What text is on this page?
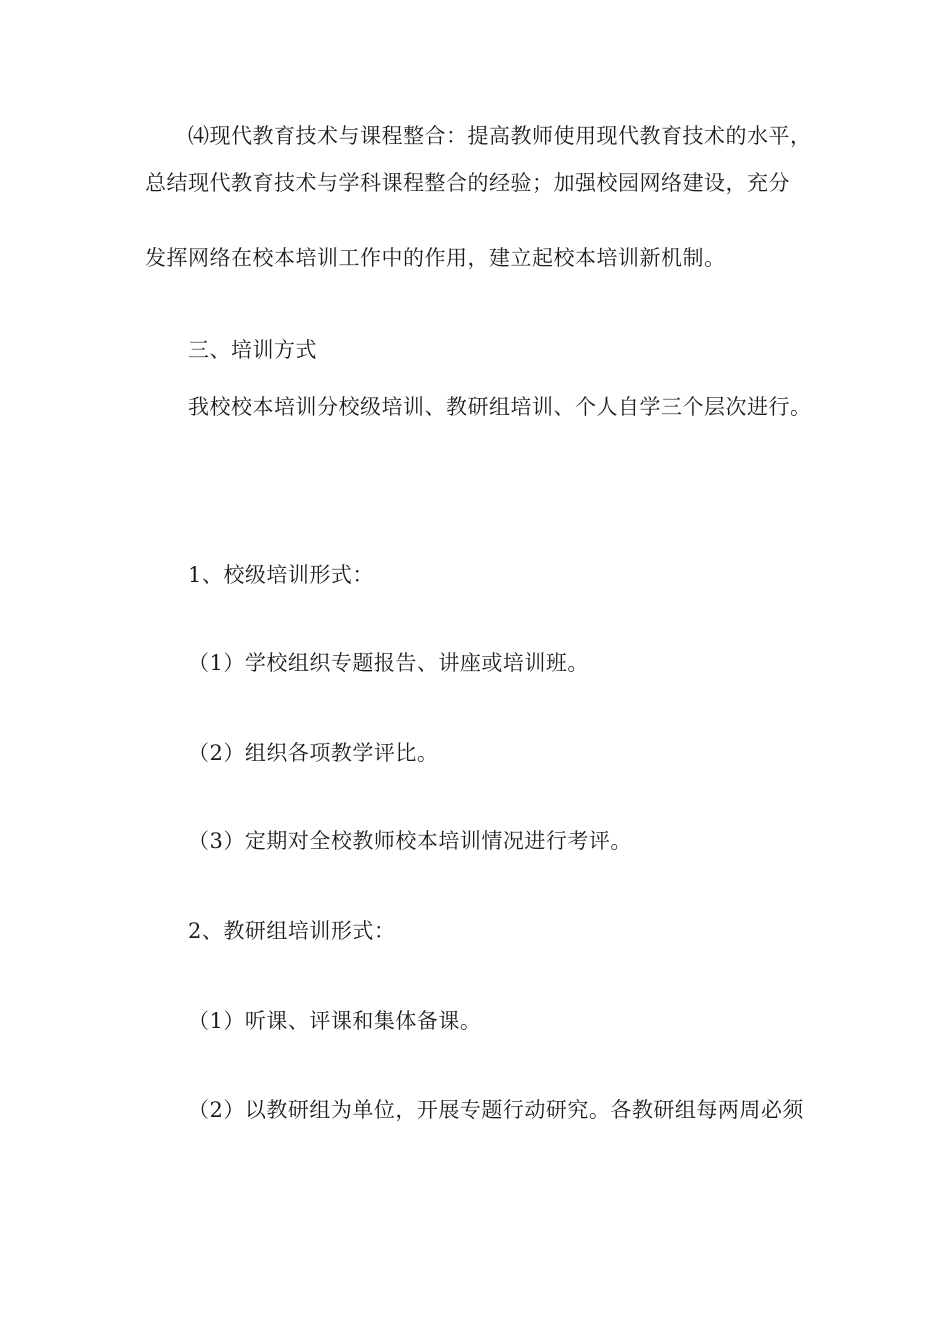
⑷现代教育技术与课程整合：提高教师使用现代教育技术的水平，
总结现代教育技术与学科课程整合的经验；加强校园网络建设，充分
发挥网络在校本培训工作中的作用，建立起校本培训新机制。
三、培训方式
我校校本培训分校级培训、教研组培训、个人自学三个层次进行。
1、校级培训形式：
（1）学校组织专题报告、讲座或培训班。
（2）组织各项教学评比。
（3）定期对全校教师校本培训情况进行考评。
2、教研组培训形式：
（1）听课、评课和集体备课。
（2）以教研组为单位，开展专题行动研究。各教研组每两周必须
